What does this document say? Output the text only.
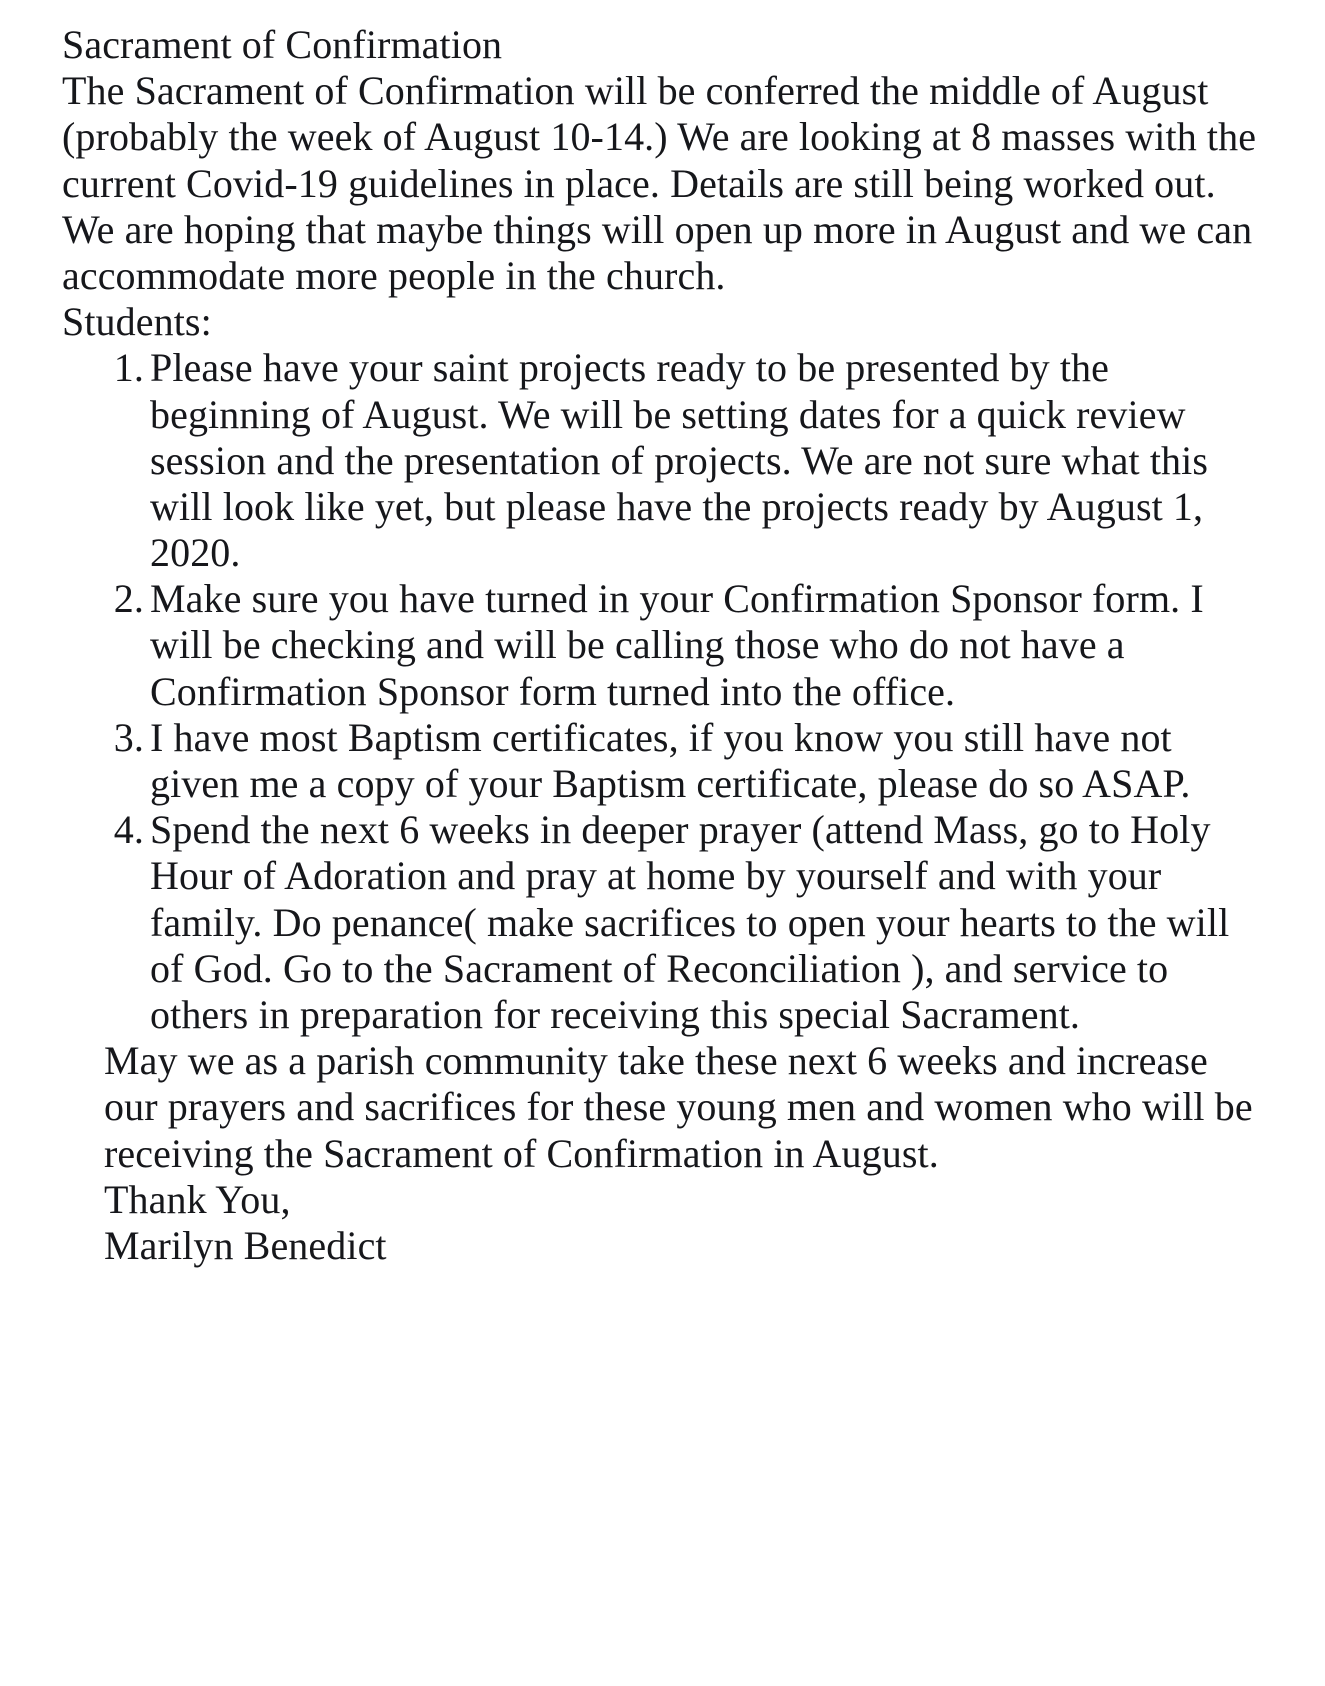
Sacrament of Confirmation

The Sacrament of Confirmation will be conferred the middle of August (probably the week of August 10-14.) We are looking at 8 masses with the current Covid-19 guidelines in place. Details are still being worked out. We are hoping that maybe things will open up more in August and we can accommodate more people in the church.

Students:

1. Please have your saint projects ready to be presented by the beginning of August. We will be setting dates for a quick review session and the presentation of projects. We are not sure what this will look like yet, but please have the projects ready by August 1, 2020.
2. Make sure you have turned in your Confirmation Sponsor form. I will be checking and will be calling those who do not have a Confirmation Sponsor form turned into the office.
3. I have most Baptism certificates, if you know you still have not given me a copy of your Baptism certificate, please do so ASAP.
4. Spend the next 6 weeks in deeper prayer (attend Mass, go to Holy Hour of Adoration and pray at home by yourself and with your family. Do penance( make sacrifices to open your hearts to the will of God. Go to the Sacrament of Reconciliation ), and service to others in preparation for receiving this special Sacrament.

May we as a parish community take these next 6 weeks and increase our prayers and sacrifices for these young men and women who will be receiving the Sacrament of Confirmation in August.

Thank You,

Marilyn Benedict
